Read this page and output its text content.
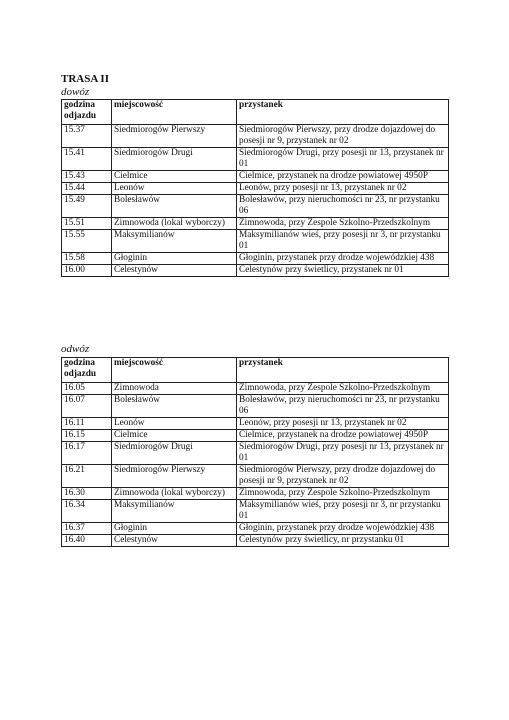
TRASA II
dowóz
godzina odjazdu	miejscowość	przystanek
15.37	Siedmiorogów Pierwszy	Siedmiorogów Pierwszy, przy drodze dojazdowej do posesji nr 9, przystanek nr 02
15.41	Siedmiorogów Drugi	Siedmiorogów Drugi, przy posesji nr 13, przystanek nr 01
15.43	Cielmice	Cielmice, przystanek na drodze powiatowej 4950P
15.44	Leonów	Leonów, przy posesji nr 13, przystanek nr 02
15.49	Bolesławów	Bolesławów, przy nieruchomości nr 23, nr przystanku 06
15.51	Zimnowoda (lokal wyborczy)	Zimnowoda, przy Zespole Szkolno-Przedszkolnym
15.55	Maksymilianów	Maksymilianów wieś, przy posesji nr 3, nr przystanku 01
15.58	Głoginin	Głoginin, przystanek przy drodze wojewódzkiej 438
16.00	Celestynów	Celestynów przy świetlicy, przystanek nr 01
odwóz
godzina odjazdu	miejscowość	przystanek
16.05	Zimnowoda	Zimnowoda, przy Zespole Szkolno-Przedszkolnym
16.07	Bolesławów	Bolesławów, przy nieruchomości nr 23, nr przystanku 06
16.11	Leonów	Leonów, przy posesji nr 13, przystanek nr 02
16.15	Cielmice	Cielmice, przystanek na drodze powiatowej 4950P
16.17	Siedmiorogów Drugi	Siedmiorogów Drugi, przy posesji nr 13, przystanek nr 01
16.21	Siedmiorogów Pierwszy	Siedmiorogów Pierwszy, przy drodze dojazdowej do posesji nr 9, przystanek nr 02
16.30	Zimnowoda (lokal wyborczy)	Zimnowoda, przy Zespole Szkolno-Przedszkolnym
16.34	Maksymilianów	Maksymilianów wieś, przy posesji nr 3, nr przystanku 01
16.37	Głoginin	Głoginin, przystanek przy drodze wojewódzkiej 438
16.40	Celestynów	Celestynów przy świetlicy, nr przystanku 01
